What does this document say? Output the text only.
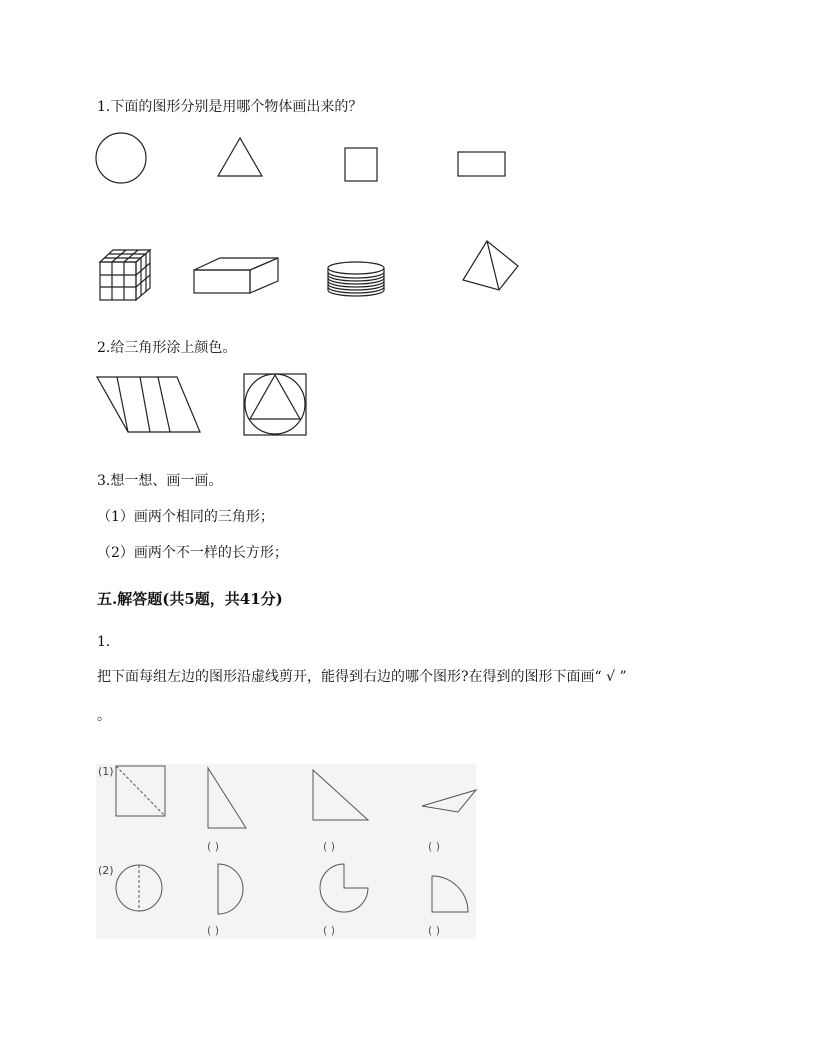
1.下面的图形分别是用哪个物体画出来的？
2.给三角形涂上颜色。
3.想一想、画一画。
（1）画两个相同的三角形；
（2）画两个不一样的长方形；
五.解答题(共5题，共41分)
1.
把下面每组左边的图形沿虚线剪开，能得到右边的哪个图形?在得到的图形下面画“ √ ”
。
(1)
( )	( )	( )
(2)
( )	( )	( )
